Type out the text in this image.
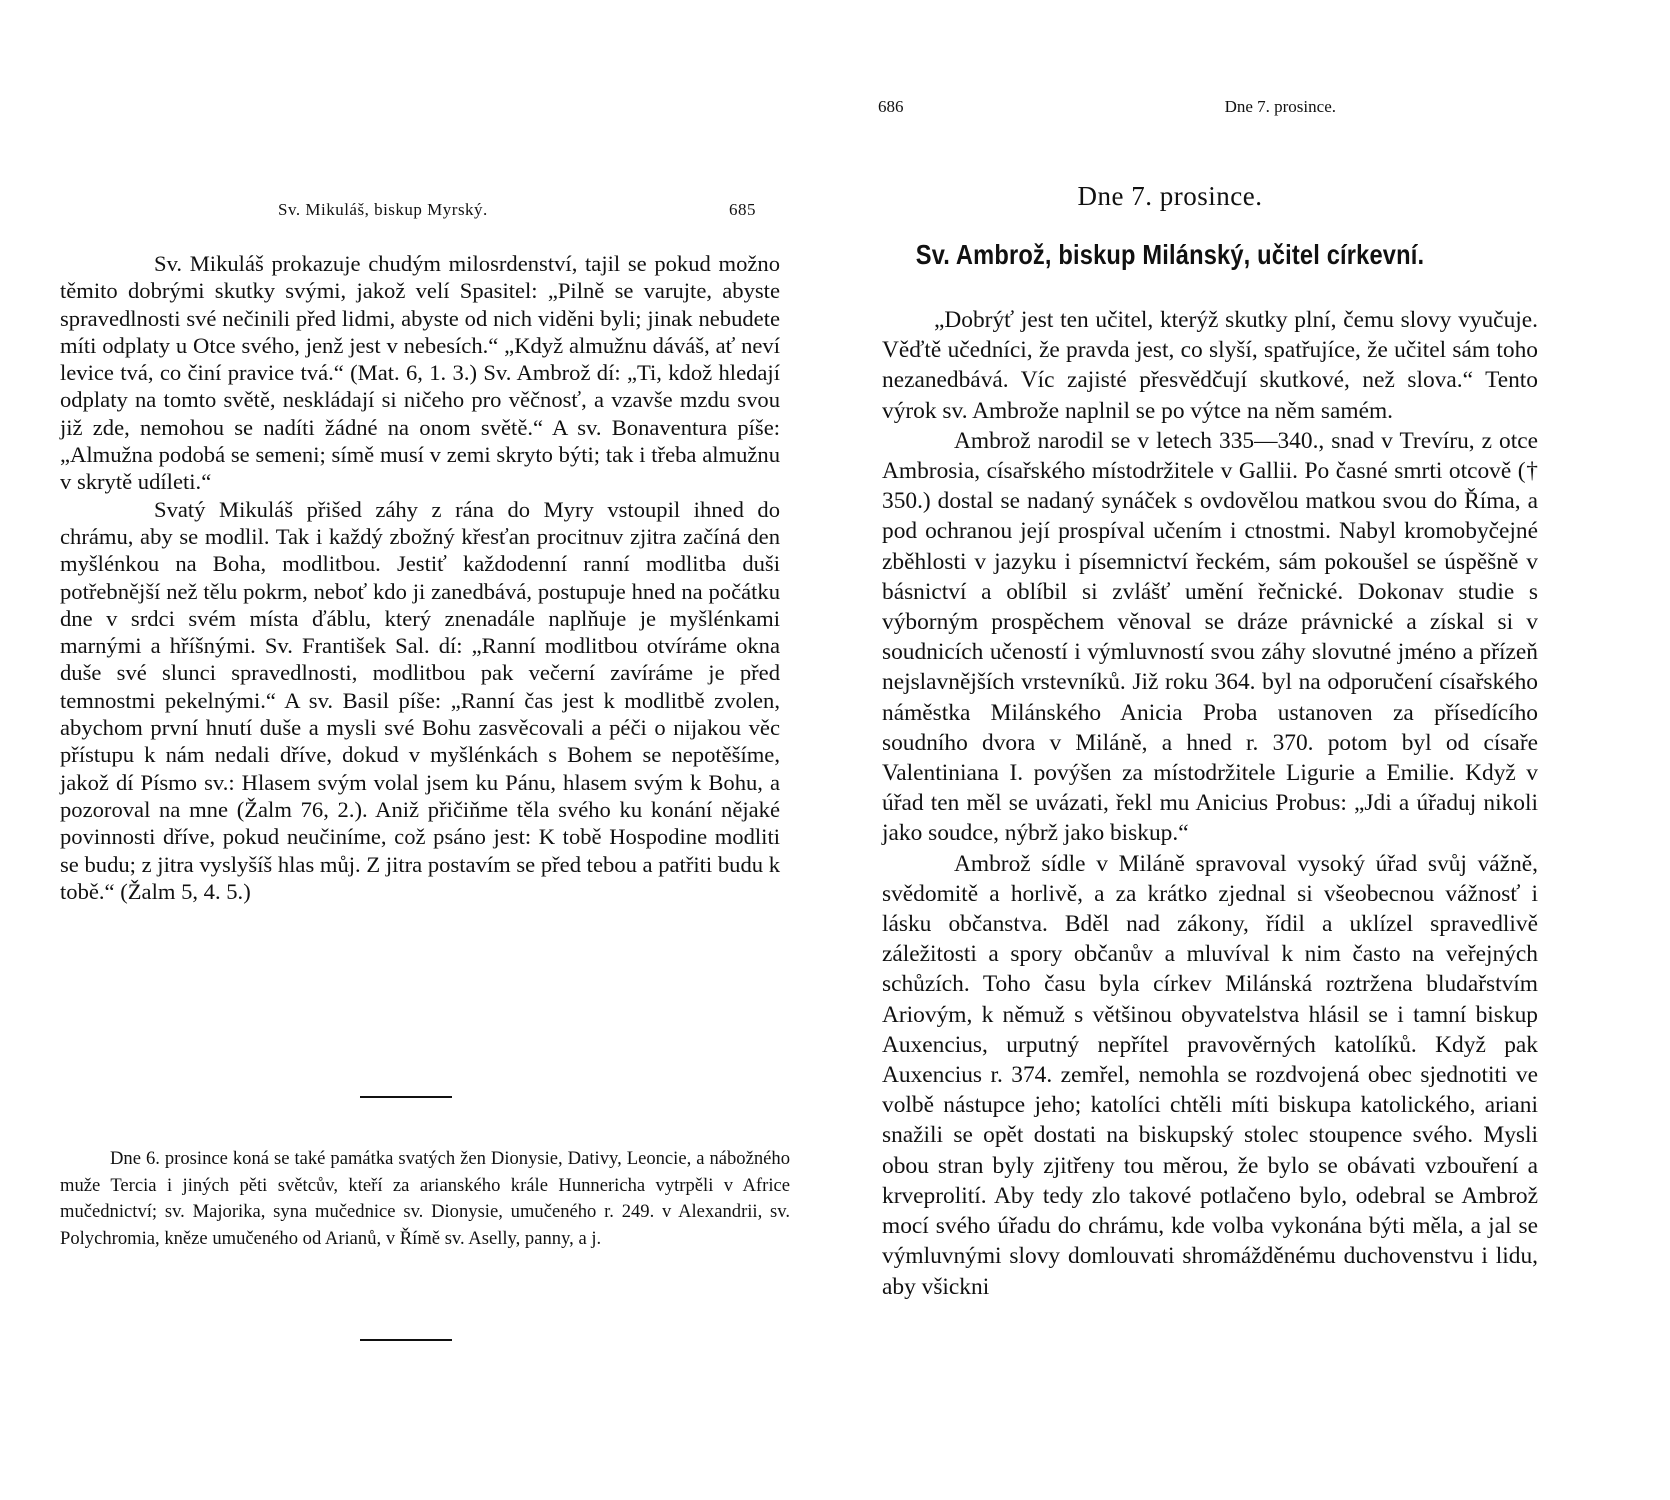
Sv. Mikuláš, biskup Myrský.	685

Sv. Mikuláš prokazuje chudým milosrdenství, tajil se pokud možno těmito dobrými skutky svými, jakož velí Spasitel: „Pilně se varujte, abyste spravedlnosti své nečinili před lidmi, abyste od nich viděni byli; jinak nebudete míti odplaty u Otce svého, jenž jest v nebesích.“ „Když almužnu dáváš, ať neví levice tvá, co činí pravice tvá.“ (Mat. 6, 1. 3.) Sv. Ambrož dí: „Ti, kdož hledají odplaty na tomto světě, neskládají si ničeho pro věčnosť, a vzavše mzdu svou již zde, nemohou se nadíti žádné na onom světě.“ A sv. Bonaventura píše: „Almužna podobá se semeni; símě musí v zemi skryto býti; tak i třeba almužnu v skrytě udíleti.“

Svatý Mikuláš přišed záhy z rána do Myry vstoupil ihned do chrámu, aby se modlil. Tak i každý zbožný křesťan procitnuv zjitra začíná den myšlénkou na Boha, modlitbou. Jestiť každodenní ranní modlitba duši potřebnější než tělu pokrm, neboť kdo ji zanedbává, postupuje hned na počátku dne v srdci svém místa ďáblu, který znenadále naplňuje je myšlénkami marnými a hříšnými. Sv. František Sal. dí: „Ranní modlitbou otvíráme okna duše své slunci spravedlnosti, modlitbou pak večerní zavíráme je před temnostmi pekelnými.“ A sv. Basil píše: „Ranní čas jest k modlitbě zvolen, abychom první hnutí duše a mysli své Bohu zasvěcovali a péči o nijakou věc přístupu k nám nedali dříve, dokud v myšlénkách s Bohem se nepotěšíme, jakož dí Písmo sv.: Hlasem svým volal jsem ku Pánu, hlasem svým k Bohu, a pozoroval na mne (Žalm 76, 2.). Aniž přičiňme těla svého ku konání nějaké povinnosti dříve, pokud neučiníme, což psáno jest: K tobě Hospodine modliti se budu; z jitra vyslyšíš hlas můj. Z jitra postavím se před tebou a patřiti budu k tobě.“ (Žalm 5, 4. 5.)

Dne 6. prosince koná se také památka svatých žen Dionysie, Dativy, Leoncie, a nábožného muže Tercia i jiných pěti světcův, kteří za arianského krále Hunnericha vytrpěli v Africe mučednictví; sv. Majorika, syna mučednice sv. Dionysie, umučeného r. 249. v Alexandrii, sv. Polychromia, kněze umučeného od Arianů, v Římě sv. Aselly, panny, a j.

686	Dne 7. prosince.
Dne 7. prosince.
Sv. Ambrož, biskup Milánský, učitel církevní.

„Dobrýť jest ten učitel, kterýž skutky plní, čemu slovy vyučuje. Věďtě učedníci, že pravda jest, co slyší, spatřujíce, že učitel sám toho nezanedbává. Víc zajisté přesvědčují skutkové, než slova.“ Tento výrok sv. Ambrože naplnil se po výtce na něm samém.

Ambrož narodil se v letech 335—340., snad v Trevíru, z otce Ambrosia, císařského místodržitele v Gallii. Po časné smrti otcově († 350.) dostal se nadaný synáček s ovdovělou matkou svou do Říma, a pod ochranou její prospíval učením i ctnostmi. Nabyl kromobyčejné zběhlosti v jazyku i písemnictví řeckém, sám pokoušel se úspěšně v básnictví a oblíbil si zvlášť umění řečnické. Dokonav studie s výborným prospěchem věnoval se dráze právnické a získal si v soudnicích učeností i výmluvností svou záhy slovutné jméno a přízeň nejslavnějších vrstevníků. Již roku 364. byl na odporučení císařského náměstka Milánského Anicia Proba ustanoven za přísedícího soudního dvora v Miláně, a hned r. 370. potom byl od císaře Valentiniana I. povýšen za místodržitele Ligurie a Emilie. Když v úřad ten měl se uvázati, řekl mu Anicius Probus: „Jdi a úřaduj nikoli jako soudce, nýbrž jako biskup.“

Ambrož sídle v Miláně spravoval vysoký úřad svůj vážně, svědomitě a horlivě, a za krátko zjednal si všeobecnou vážnosť i lásku občanstva. Bděl nad zákony, řídil a uklízel spravedlivě záležitosti a spory občanův a mluvíval k nim často na veřejných schůzích. Toho času byla církev Milánská roztržena bludařstvím Ariovým, k němuž s většinou obyvatelstva hlásil se i tamní biskup Auxencius, urputný nepřítel pravověrných katolíků. Když pak Auxencius r. 374. zemřel, nemohla se rozdvojená obec sjednotiti ve volbě nástupce jeho; katolíci chtěli míti biskupa katolického, ariani snažili se opět dostati na biskupský stolec stoupence svého. Mysli obou stran byly zjitřeny tou měrou, že bylo se obávati vzbouření a krveprolití. Aby tedy zlo takové potlačeno bylo, odebral se Ambrož mocí svého úřadu do chrámu, kde volba vykonána býti měla, a jal se výmluvnými slovy domlouvati shromážděnému duchovenstvu i lidu, aby všickni
